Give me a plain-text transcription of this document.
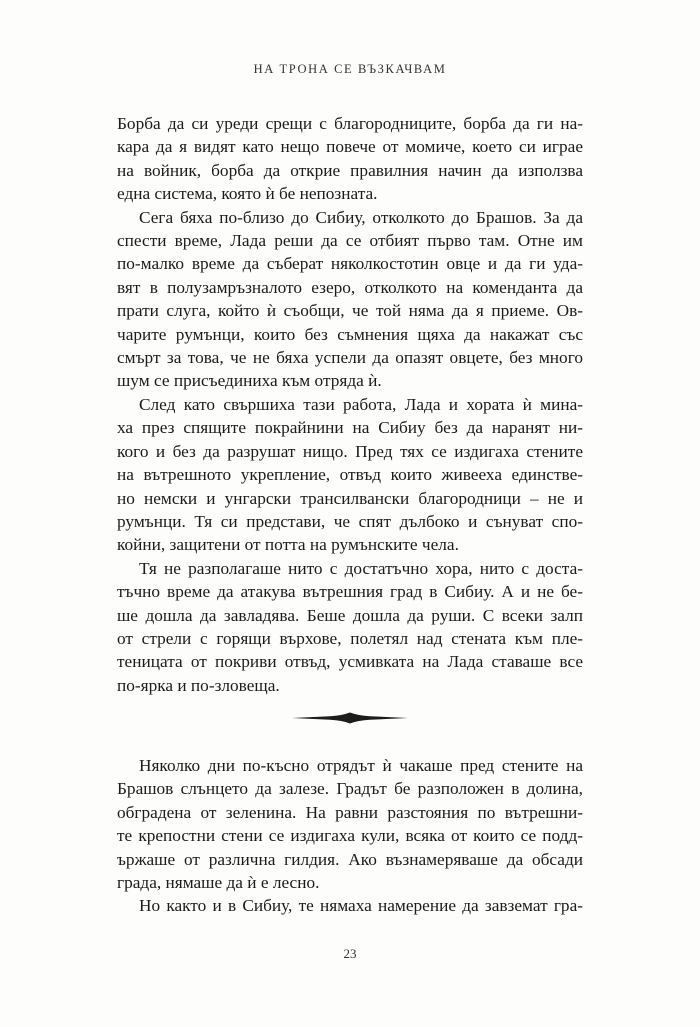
НА ТРОНА СЕ ВЪЗКАЧВАМ

Борба да си уреди срещи с благородниците, борба да ги на-

кара да я видят като нещо повече от момиче, което си играе

на войник, борба да открие правилния начин да използва

една система, която ѝ бе непозната.

Сега бяха по-близо до Сибиу, отколкото до Брашов. За да

спести време, Лада реши да се отбият първо там. Отне им

по-малко време да съберат няколкостотин овце и да ги уда-

вят в полузамръзналото езеро, отколкото на коменданта да

прати слуга, който ѝ съобщи, че той няма да я приеме. Ов-

чарите румънци, които без съмнения щяха да накажат със

смърт за това, че не бяха успели да опазят овцете, без много

шум се присъединиха към отряда ѝ.

След като свършиха тази работа, Лада и хората ѝ мина-

ха през спящите покрайнини на Сибиу без да наранят ни-

кого и без да разрушат нищо. Пред тях се издигаха стените

на вътрешното укрепление, отвъд които живееха единстве-

но немски и унгарски трансилвански благородници – не и

румънци. Тя си представи, че спят дълбоко и сънуват спо-

койни, защитени от потта на румънските чела.

Тя не разполагаше нито с достатъчно хора, нито с доста-

тъчно време да атакува вътрешния град в Сибиу. А и не бе-

ше дошла да завладява. Беше дошла да руши. С всеки залп

от стрели с горящи върхове, полетял над стената към пле-

теницата от покриви отвъд, усмивката на Лада ставаше все

по-ярка и по-зловеща.

Няколко дни по-късно отрядът ѝ чакаше пред стените на

Брашов слънцето да залезе. Градът бе разположен в долина,

обградена от зеленина. На равни разстояния по вътрешни-

те крепостни стени се издигаха кули, всяка от които се подд-

ържаше от различна гилдия. Ако възнамеряваше да обсади

града, нямаше да ѝ е лесно.

Но както и в Сибиу, те нямаха намерение да завземат гра-

23
